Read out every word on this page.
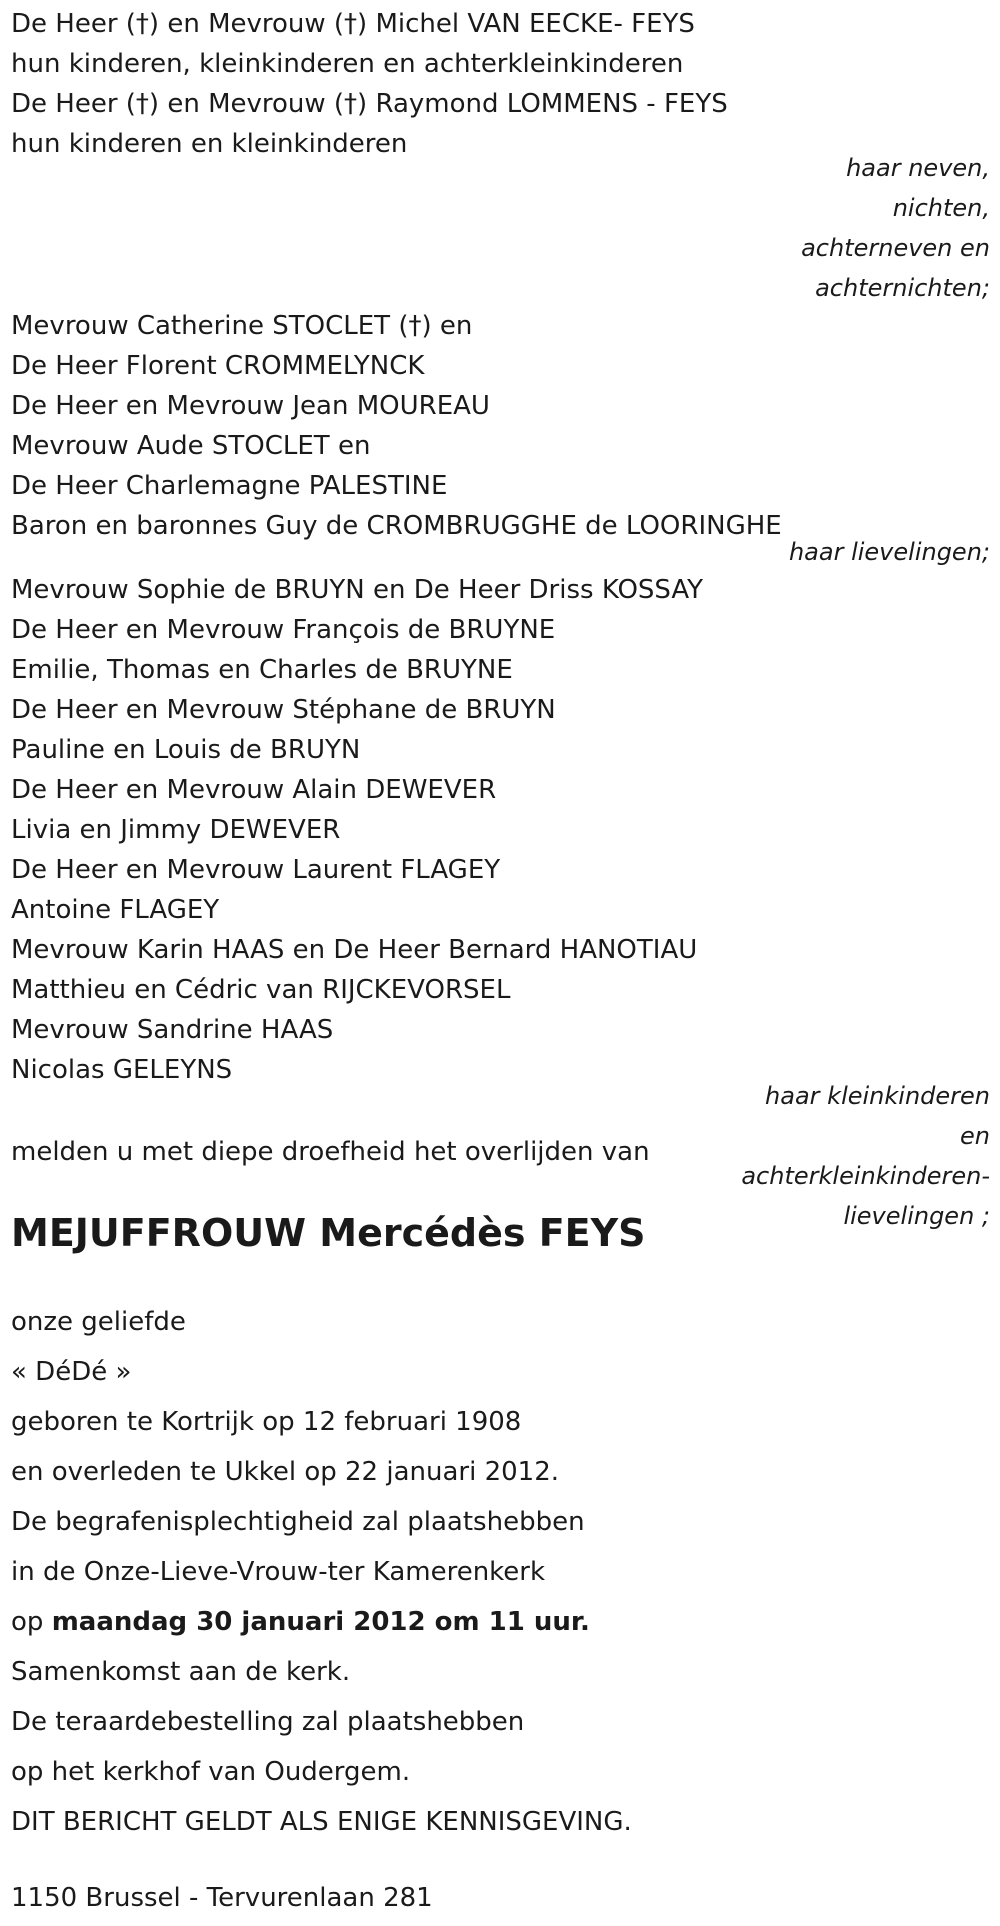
De Heer (†) en Mevrouw (†) Michel VAN EECKE- FEYS
hun kinderen, kleinkinderen en achterkleinkinderen
De Heer (†) en Mevrouw (†) Raymond LOMMENS - FEYS
hun kinderen en kleinkinderen
haar neven,
nichten,
achterneven en
achternichten;
Mevrouw Catherine STOCLET (†) en
De Heer Florent CROMMELYNCK
De Heer en Mevrouw Jean MOUREAU
Mevrouw Aude STOCLET en
De Heer Charlemagne PALESTINE
Baron en baronnes Guy de CROMBRUGGHE de LOORINGHE
haar lievelingen;
Mevrouw Sophie de BRUYN en De Heer Driss KOSSAY
De Heer en Mevrouw François de BRUYNE
Emilie, Thomas en Charles de BRUYNE
De Heer en Mevrouw Stéphane de BRUYN
Pauline en Louis de BRUYN
De Heer en Mevrouw Alain DEWEVER
Livia en Jimmy DEWEVER
De Heer en Mevrouw Laurent FLAGEY
Antoine FLAGEY
Mevrouw Karin HAAS en De Heer Bernard HANOTIAU
Matthieu en Cédric van RIJCKEVORSEL
Mevrouw Sandrine HAAS
Nicolas GELEYNS
haar kleinkinderen
en
achterkleinkinderen-
lievelingen ;
melden u met diepe droefheid het overlijden van
MEJUFFROUW Mercédès FEYS
onze geliefde
« DéDé »
geboren te Kortrijk op 12 februari 1908
en overleden te Ukkel op 22 januari 2012.
De begrafenisplechtigheid zal plaatshebben
in de Onze-Lieve-Vrouw-ter Kamerenkerk
op maandag 30 januari 2012 om 11 uur.
Samenkomst aan de kerk.
De teraardebestelling zal plaatshebben
op het kerkhof van Oudergem.
DIT BERICHT GELDT ALS ENIGE KENNISGEVING.
1150 Brussel - Tervurenlaan 281
